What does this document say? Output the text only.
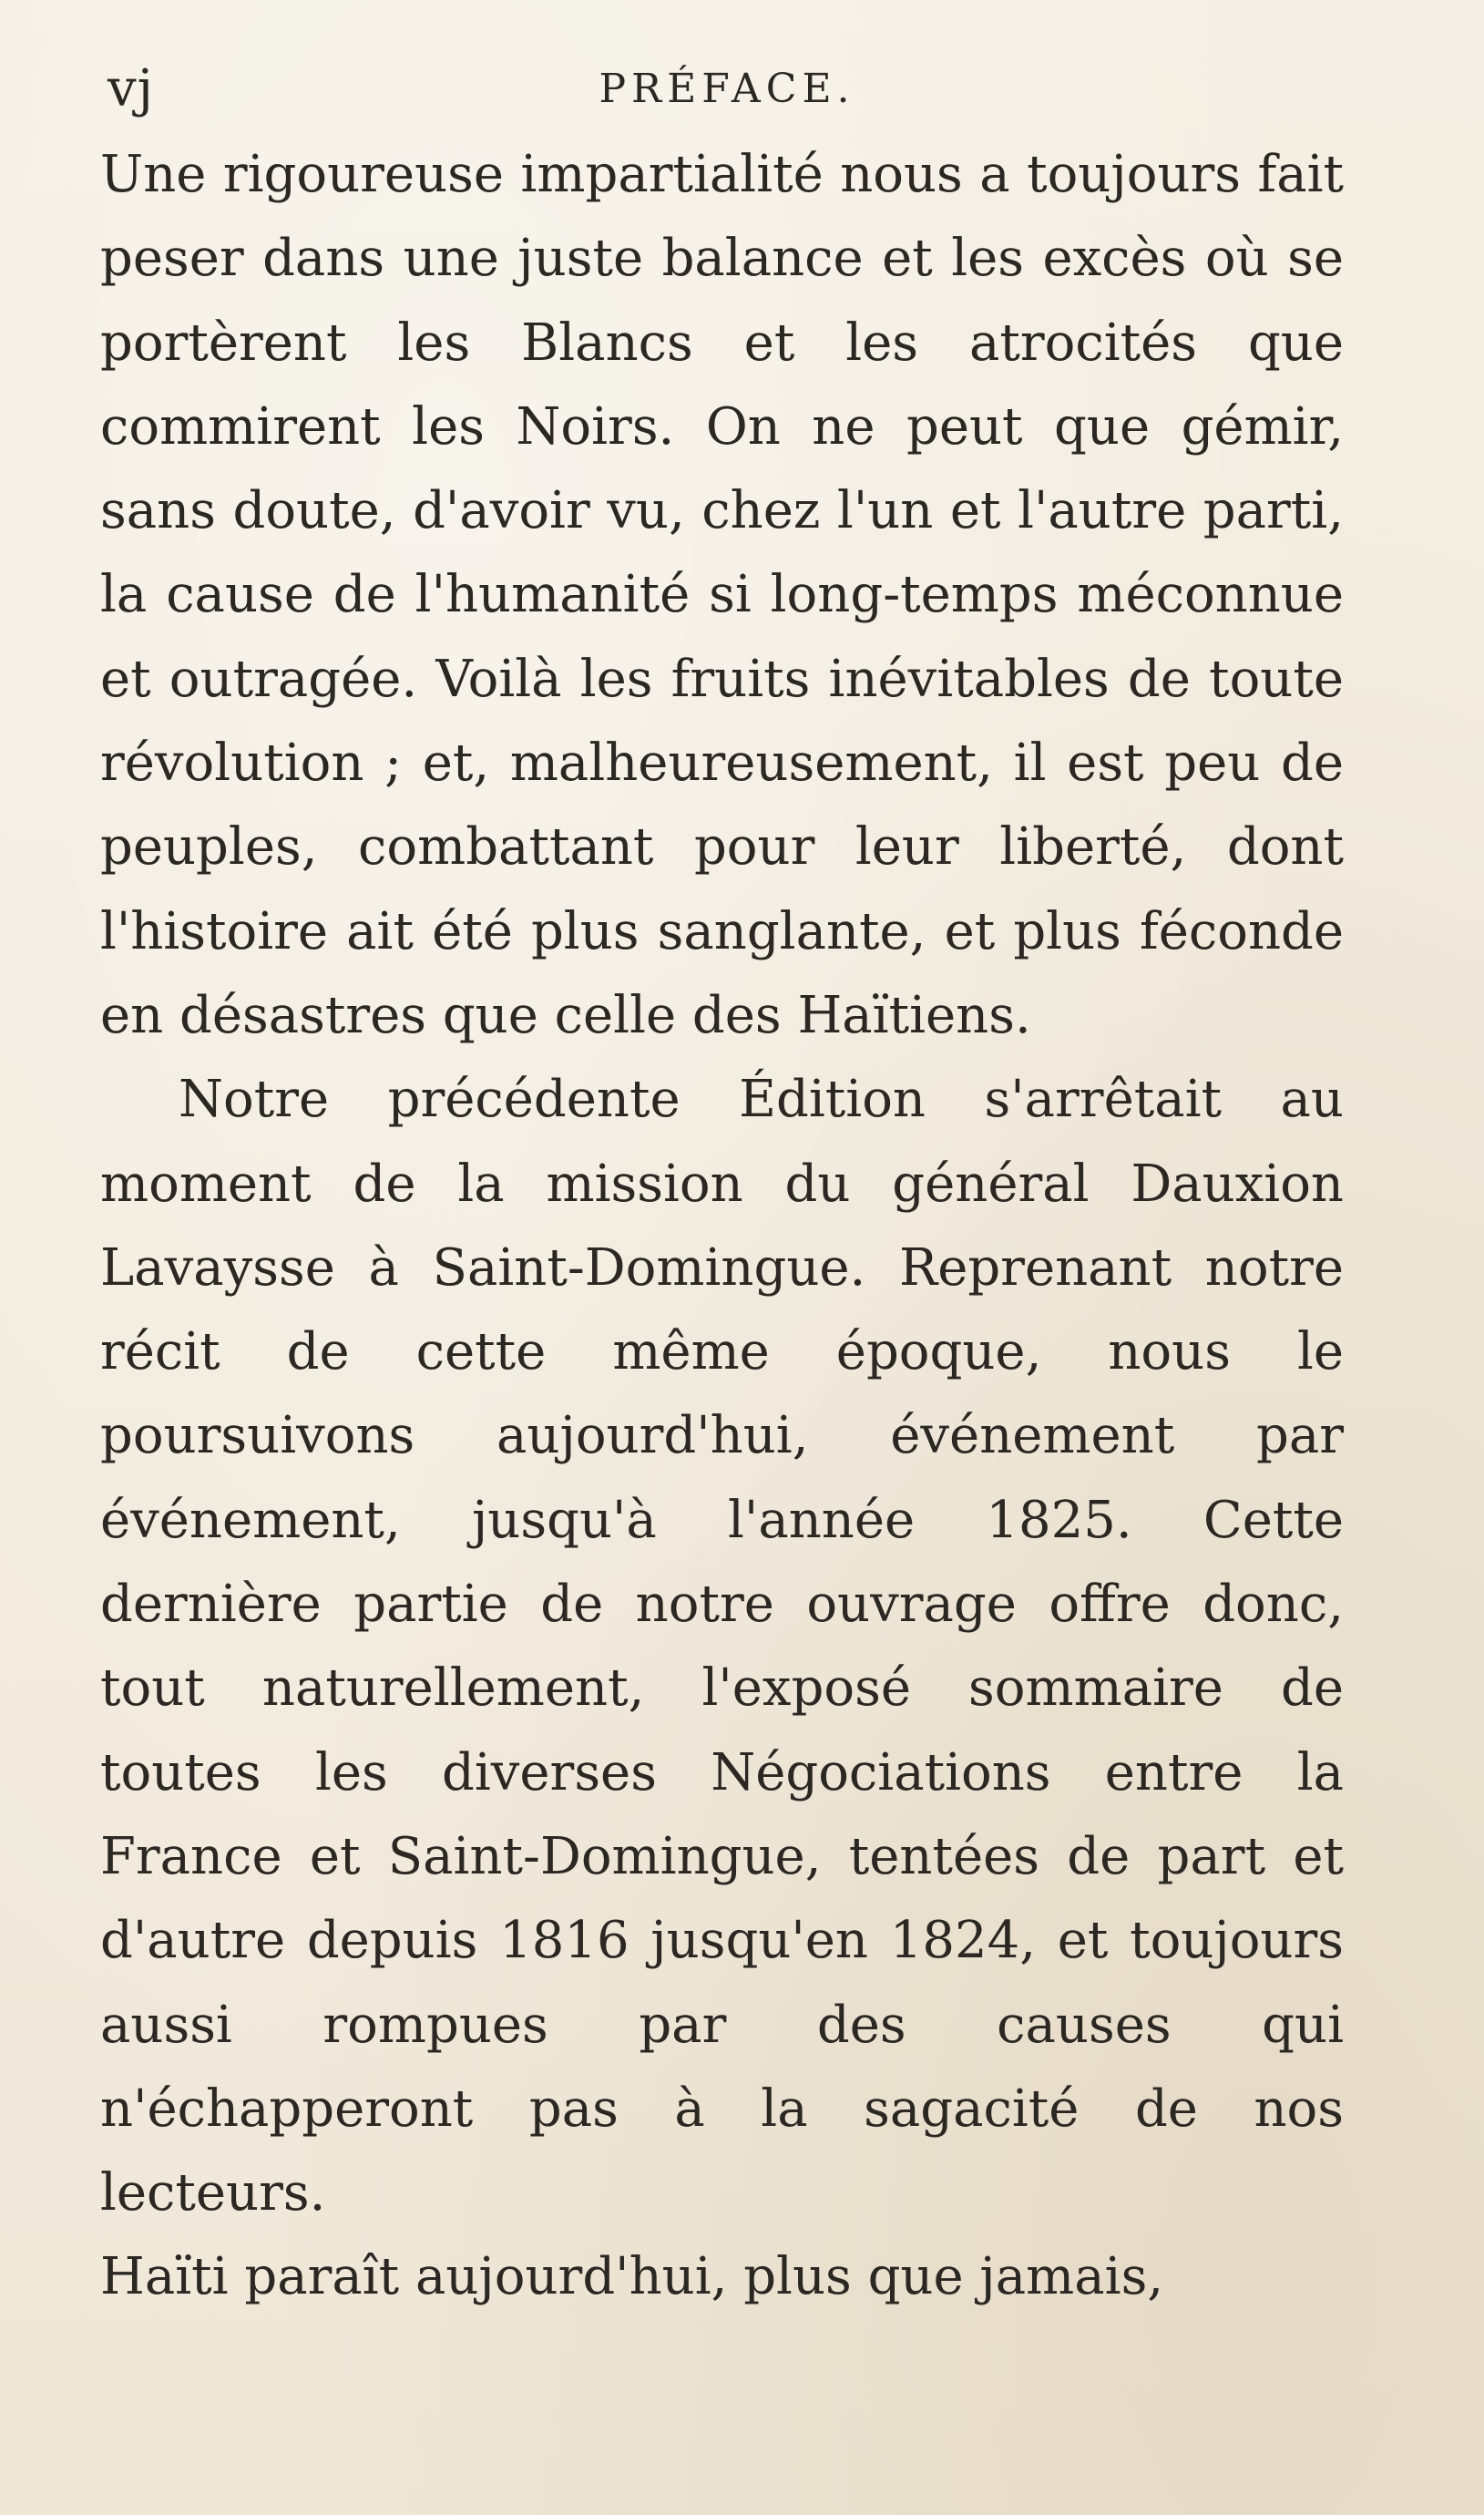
vj	PRÉFACE.

Une rigoureuse impartialité nous a toujours fait peser dans une juste balance et les excès où se portèrent les Blancs et les atrocités que commirent les Noirs. On ne peut que gémir, sans doute, d'avoir vu, chez l'un et l'autre parti, la cause de l'humanité si long-temps méconnue et outragée. Voilà les fruits inévitables de toute révolution ; et, malheureusement, il est peu de peuples, combattant pour leur liberté, dont l'histoire ait été plus sanglante, et plus féconde en désastres que celle des Haïtiens.

Notre précédente Édition s'arrêtait au moment de la mission du général Dauxion Lavaysse à Saint-Domingue. Reprenant notre récit de cette même époque, nous le poursuivons aujourd'hui, événement par événement, jusqu'à l'année 1825. Cette dernière partie de notre ouvrage offre donc, tout naturellement, l'exposé sommaire de toutes les diverses Négociations entre la France et Saint-Domingue, tentées de part et d'autre depuis 1816 jusqu'en 1824, et toujours aussi rompues par des causes qui n'échapperont pas à la sagacité de nos lecteurs.

Haïti paraît aujourd'hui, plus que jamais,
